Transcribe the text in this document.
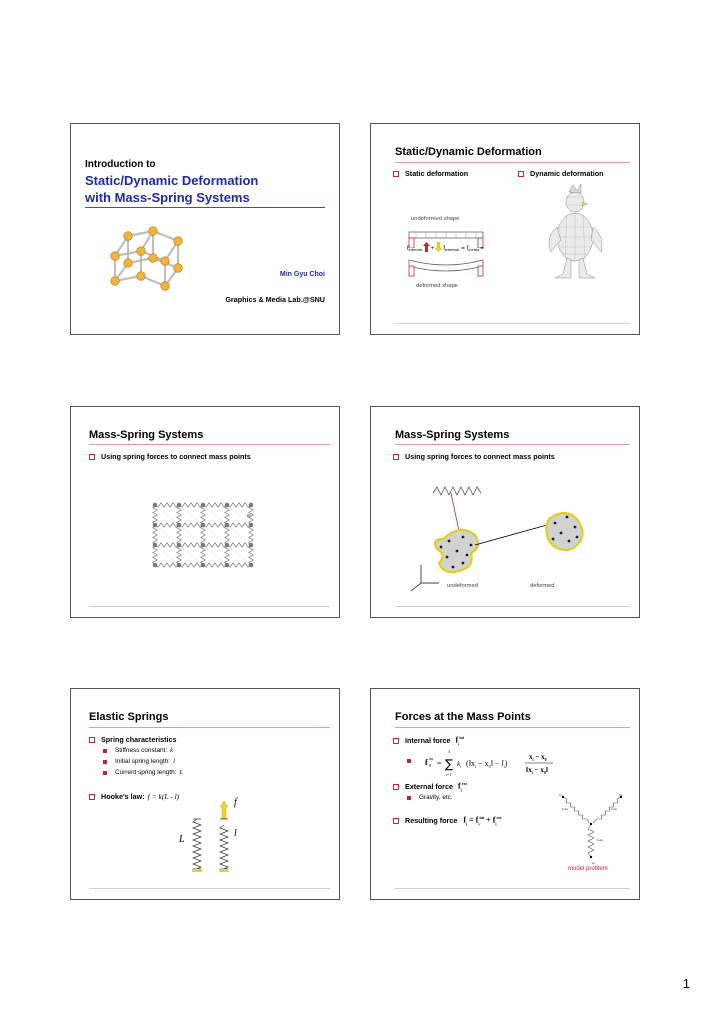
Introduction to
Static/Dynamic Deformation
with Mass-Spring Systems
Min Gyu Choi
Graphics & Media Lab.@SNU
Static/Dynamic Deformation
Static deformation	Dynamic deformation
undeformed shape
f internal + f external = f inertia =
deformed shape
Mass-Spring Systems
Using spring forces to connect mass points
m
Mass-Spring Systems
Using spring forces to connect mass points
undeformed	deformed
Elastic Springs
Spring characteristics
Stiffness constant: k
Initial spring length: l
Current spring length: L
Hooke's law: f = k(L - l)
f
L
l
Forces at the Mass Points
Internal force $f_i^{int}$
f int
0 = ∑
3
i=1
$k_i$ ($‖x_i$ − $x_0‖ - l_i$)
$x_i - x_0$
$‖x_i$ − $x_0‖$
External force $f_i^{ext}$
Gravity, etc.
Resulting force $f_i = f_i^{int} + f_i^{ext}$
x1	x2
l1,k1	l2,k2
l3,k3
x3
model problem
1
